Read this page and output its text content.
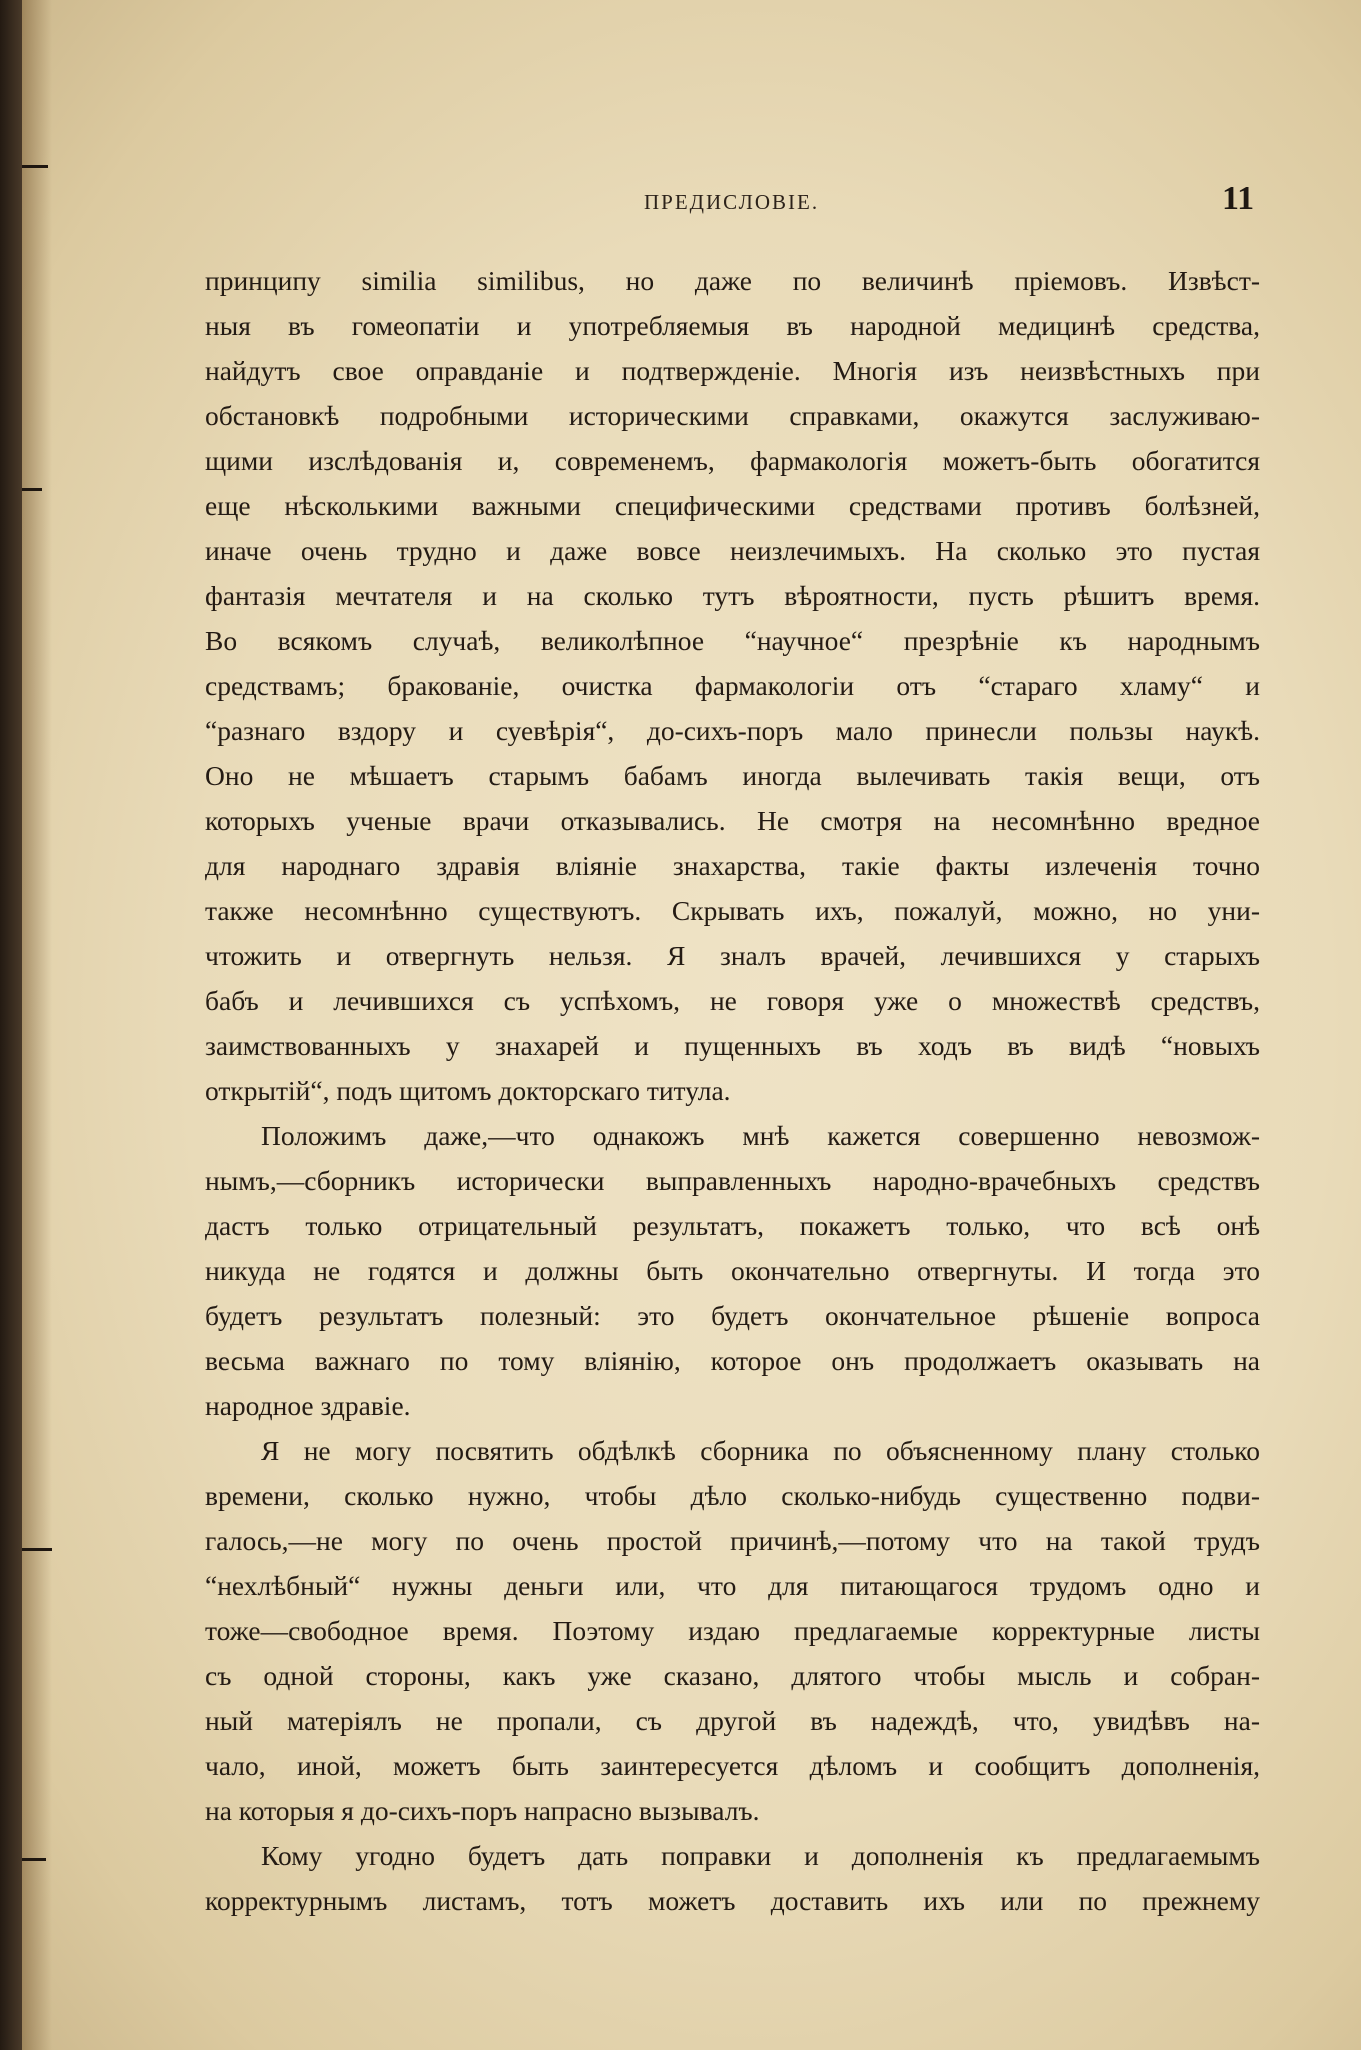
ПРЕДИСЛОВІЕ.	11
принципу similia similibus, но даже по величинѣ пріемовъ. Извѣст-
ныя въ гомеопатіи и употребляемыя въ народной медицинѣ средства,
найдутъ свое оправданіе и подтвержденіе. Многія изъ неизвѣстныхъ при
обстановкѣ подробными историческими справками, окажутся заслуживаю-
щими изслѣдованія и, современемъ, фармакологія можетъ-быть обогатится
еще нѣсколькими важными специфическими средствами противъ болѣзней,
иначе очень трудно и даже вовсе неизлечимыхъ. На сколько это пустая
фантазія мечтателя и на сколько тутъ вѣроятности, пусть рѣшитъ время.
Во всякомъ случаѣ, великолѣпное “научное“ презрѣніе къ народнымъ
средствамъ; бракованіе, очистка фармакологіи отъ “стараго хламу“ и
“разнаго вздору и суевѣрія“, до-сихъ-поръ мало принесли пользы наукѣ.
Оно не мѣшаетъ старымъ бабамъ иногда вылечивать такія вещи, отъ
которыхъ ученые врачи отказывались. Не смотря на несомнѣнно вредное
для народнаго здравія вліяніе знахарства, такіе факты излеченія точно
также несомнѣнно существуютъ. Скрывать ихъ, пожалуй, можно, но уни-
чтожить и отвергнуть нельзя. Я зналъ врачей, лечившихся у старыхъ
бабъ и лечившихся съ успѣхомъ, не говоря уже о множествѣ средствъ,
заимствованныхъ у знахарей и пущенныхъ въ ходъ въ видѣ “новыхъ
открытій“, подъ щитомъ докторскаго титула.
Положимъ даже,—что однакожъ мнѣ кажется совершенно невозмож-
нымъ,—сборникъ исторически выправленныхъ народно-врачебныхъ средствъ
дастъ только отрицательный результатъ, покажетъ только, что всѣ онѣ
никуда не годятся и должны быть окончательно отвергнуты. И тогда это
будетъ результатъ полезный: это будетъ окончательное рѣшеніе вопроса
весьма важнаго по тому вліянію, которое онъ продолжаетъ оказывать на
народное здравіе.
Я не могу посвятить обдѣлкѣ сборника по объясненному плану столько
времени, сколько нужно, чтобы дѣло сколько-нибудь существенно подви-
галось,—не могу по очень простой причинѣ,—потому что на такой трудъ
“нехлѣбный“ нужны деньги или, что для питающагося трудомъ одно и
тоже—свободное время. Поэтому издаю предлагаемые корректурные листы
съ одной стороны, какъ уже сказано, длятого чтобы мысль и собран-
ный матеріялъ не пропали, съ другой въ надеждѣ, что, увидѣвъ на-
чало, иной, можетъ быть заинтересуется дѣломъ и сообщитъ дополненія,
на которыя я до-сихъ-поръ напрасно вызывалъ.
Кому угодно будетъ дать поправки и дополненія къ предлагаемымъ
корректурнымъ листамъ, тотъ можетъ доставить ихъ или по прежнему
